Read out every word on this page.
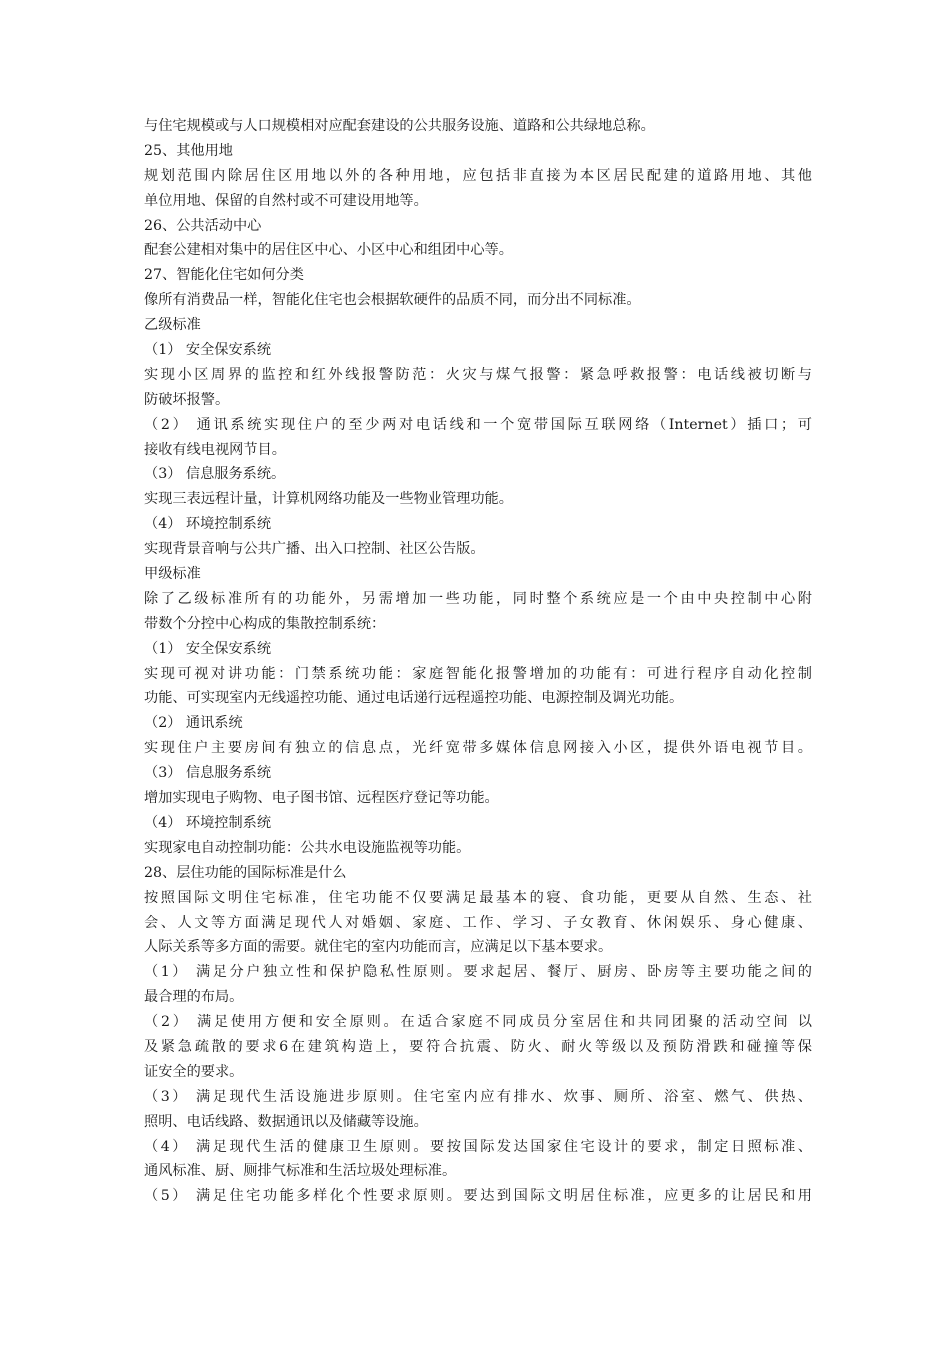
与住宅规模或与人口规模相对应配套建设的公共服务设施、道路和公共绿地总称。
25、其他用地
规划范围内除居住区用地以外的各种用地，应包括非直接为本区居民配建的道路用地、其他
单位用地、保留的自然村或不可建设用地等。
26、公共活动中心
配套公建相对集中的居住区中心、小区中心和组团中心等。
27、智能化住宅如何分类
像所有消费品一样，智能化住宅也会根据软硬件的品质不同，而分出不同标准。
乙级标准
（1） 安全保安系统
实现小区周界的监控和红外线报警防范：火灾与煤气报警：紧急呼救报警：电话线被切断与
防破坏报警。
（2） 通讯系统实现住户的至少两对电话线和一个宽带国际互联网络（Internet）插口；可
接收有线电视网节目。
（3） 信息服务系统。
实现三表远程计量，计算机网络功能及一些物业管理功能。
（4） 环境控制系统
实现背景音响与公共广播、出入口控制、社区公告版。
甲级标准
除了乙级标准所有的功能外，另需增加一些功能，同时整个系统应是一个由中央控制中心附
带数个分控中心构成的集散控制系统：
（1） 安全保安系统
实现可视对讲功能：门禁系统功能：家庭智能化报警增加的功能有：可进行程序自动化控制
功能、可实现室内无线遥控功能、通过电话递行远程遥控功能、电源控制及调光功能。
（2） 通讯系统
实现住户主要房间有独立的信息点，光纤宽带多媒体信息网接入小区，提供外语电视节目。
（3） 信息服务系统
增加实现电子购物、电子图书馆、远程医疗登记等功能。
（4） 环境控制系统
实现家电自动控制功能：公共水电设施监视等功能。
28、层住功能的国际标准是什么
按照国际文明住宅标准，住宅功能不仅要满足最基本的寝、食功能，更要从自然、生态、社
会、人文等方面满足现代人对婚姻、家庭、工作、学习、子女教育、休闲娱乐、身心健康、
人际关系等多方面的需要。就住宅的室内功能而言，应满足以下基本要求。
（1） 满足分户独立性和保护隐私性原则。要求起居、餐厅、厨房、卧房等主要功能之间的
最合理的布局。
（2） 满足使用方便和安全原则。在适合家庭不同成员分室居住和共同团聚的活动空间 以
及紧急疏散的要求6在建筑构造上，要符合抗震、防火、耐火等级以及预防滑跌和碰撞等保
证安全的要求。
（3） 满足现代生活设施进步原则。住宅室内应有排水、炊事、厕所、浴室、燃气、供热、
照明、电话线路、数据通讯以及储藏等设施。
（4） 满足现代生活的健康卫生原则。要按国际发达国家住宅设计的要求，制定日照标准、
通风标准、厨、厕排气标准和生活垃圾处理标准。
（5） 满足住宅功能多样化个性要求原则。要达到国际文明居住标准，应更多的让居民和用
